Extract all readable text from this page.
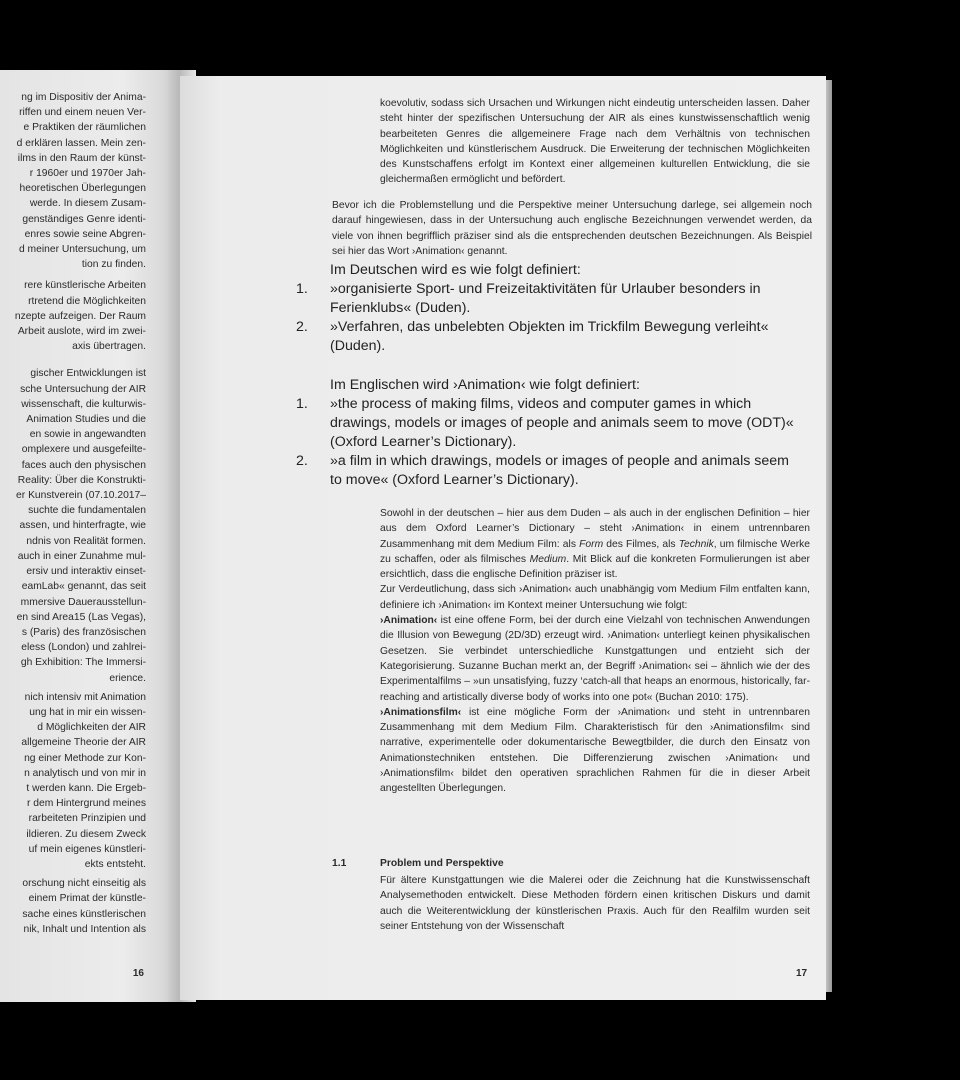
ng im Dispositiv der Anima-
riffen und einem neuen Ver-
e Praktiken der räumlichen
d erklären lassen. Mein zen-
ilms in den Raum der künst-
r 1960er und 1970er Jah-
heoretischen Überlegungen
werde. In diesem Zusam-
genständiges Genre identi-
enres sowie seine Abgren-
d meiner Untersuchung, um
tion zu finden.
rere künstlerische Arbeiten
rtretend die Möglichkeiten
nzepte aufzeigen. Der Raum
Arbeit auslote, wird im zwei-
axis übertragen.
gischer Entwicklungen ist
sche Untersuchung der AIR
wissenschaft, die kulturwis-
Animation Studies und die
en sowie in angewandten
omplexere und ausgefeilte-
faces auch den physischen
Reality: Über die Konstrukti-
er Kunstverein (07.10.2017–
suchte die fundamentalen
assen, und hinterfragte, wie
ndnis von Realität formen.
auch in einer Zunahme mul-
ersiv und interaktiv einset-
eamLab« genannt, das seit
mmersive Dauerausstellun-
en sind Area15 (Las Vegas),
s (Paris) des französischen
eless (London) und zahlrei-
gh Exhibition: The Immersi-
erience.
nich intensiv mit Animation
ung hat in mir ein wissen-
d Möglichkeiten der AIR
allgemeine Theorie der AIR
ng einer Methode zur Kon-
n analytisch und von mir in
t werden kann. Die Ergeb-
r dem Hintergrund meines
rarbeiteten Prinzipien und
ildieren. Zu diesem Zweck
uf mein eigenes künstleri-
ekts entsteht.
orschung nicht einseitig als
einem Primat der künstle-
sache eines künstlerischen
nik, Inhalt und Intention als
16

koevolutiv, sodass sich Ursachen und Wirkungen nicht eindeutig unterscheiden lassen. Daher steht hinter der spezifischen Untersuchung der AIR als eines kunstwissenschaftlich wenig bearbeiteten Genres die allgemeinere Frage nach dem Verhältnis von technischen Möglichkeiten und künstlerischem Ausdruck. Die Erweiterung der technischen Möglichkeiten des Kunstschaffens erfolgt im Kontext einer allgemeinen kulturellen Entwicklung, die sie gleichermaßen ermöglicht und befördert.

Bevor ich die Problemstellung und die Perspektive meiner Untersuchung darlege, sei allgemein noch darauf hingewiesen, dass in der Untersuchung auch englische Bezeichnungen verwendet werden, da viele von ihnen begrifflich präziser sind als die entsprechenden deutschen Bezeichnungen. Als Beispiel sei hier das Wort ›Animation‹ genannt.

Im Deutschen wird es wie folgt definiert:

1. »organisierte Sport- und Freizeitaktivitäten für Urlauber besonders in Ferienklubs« (Duden).

2. »Verfahren, das unbelebten Objekten im Trickfilm Bewegung verleiht« (Duden).

Im Englischen wird ›Animation‹ wie folgt definiert:

1. »the process of making films, videos and computer games in which drawings, models or images of people and animals seem to move (ODT)« (Oxford Learner’s Dictionary).

2. »a film in which drawings, models or images of people and animals seem to move« (Oxford Learner’s Dictionary).

Sowohl in der deutschen – hier aus dem Duden – als auch in der englischen Definition – hier aus dem Oxford Learner’s Dictionary – steht ›Animation‹ in einem untrennbaren Zusammenhang mit dem Medium Film: als Form des Filmes, als Technik, um filmische Werke zu schaffen, oder als filmisches Medium. Mit Blick auf die konkreten Formulierungen ist aber ersichtlich, dass die englische Definition präziser ist.

Zur Verdeutlichung, dass sich ›Animation‹ auch unabhängig vom Medium Film entfalten kann, definiere ich ›Animation‹ im Kontext meiner Untersuchung wie folgt:

›Animation‹ ist eine offene Form, bei der durch eine Vielzahl von technischen Anwendungen die Illusion von Bewegung (2D/3D) erzeugt wird. ›Animation‹ unterliegt keinen physikalischen Gesetzen. Sie verbindet unterschiedliche Kunstgattungen und entzieht sich der Kategorisierung. Suzanne Buchan merkt an, der Begriff ›Animation‹ sei – ähnlich wie der des Experimentalfilms – »un unsatisfying, fuzzy ‘catch-all that heaps an enormous, historically, far-reaching and artistically diverse body of works into one pot« (Buchan 2010: 175).

›Animationsfilm‹ ist eine mögliche Form der ›Animation‹ und steht in untrennbaren Zusammenhang mit dem Medium Film. Charakteristisch für den ›Animationsfilm‹ sind narrative, experimentelle oder dokumentarische Bewegtbilder, die durch den Einsatz von Animationstechniken entstehen. Die Differenzierung zwischen ›Animation‹ und ›Animationsfilm‹ bildet den operativen sprachlichen Rahmen für die in dieser Arbeit angestellten Überlegungen.

1.1	Problem und Perspektive

Für ältere Kunstgattungen wie die Malerei oder die Zeichnung hat die Kunstwissenschaft Analysemethoden entwickelt. Diese Methoden fördern einen kritischen Diskurs und damit auch die Weiterentwicklung der künstlerischen Praxis. Auch für den Realfilm wurden seit seiner Entstehung von der Wissenschaft

17
